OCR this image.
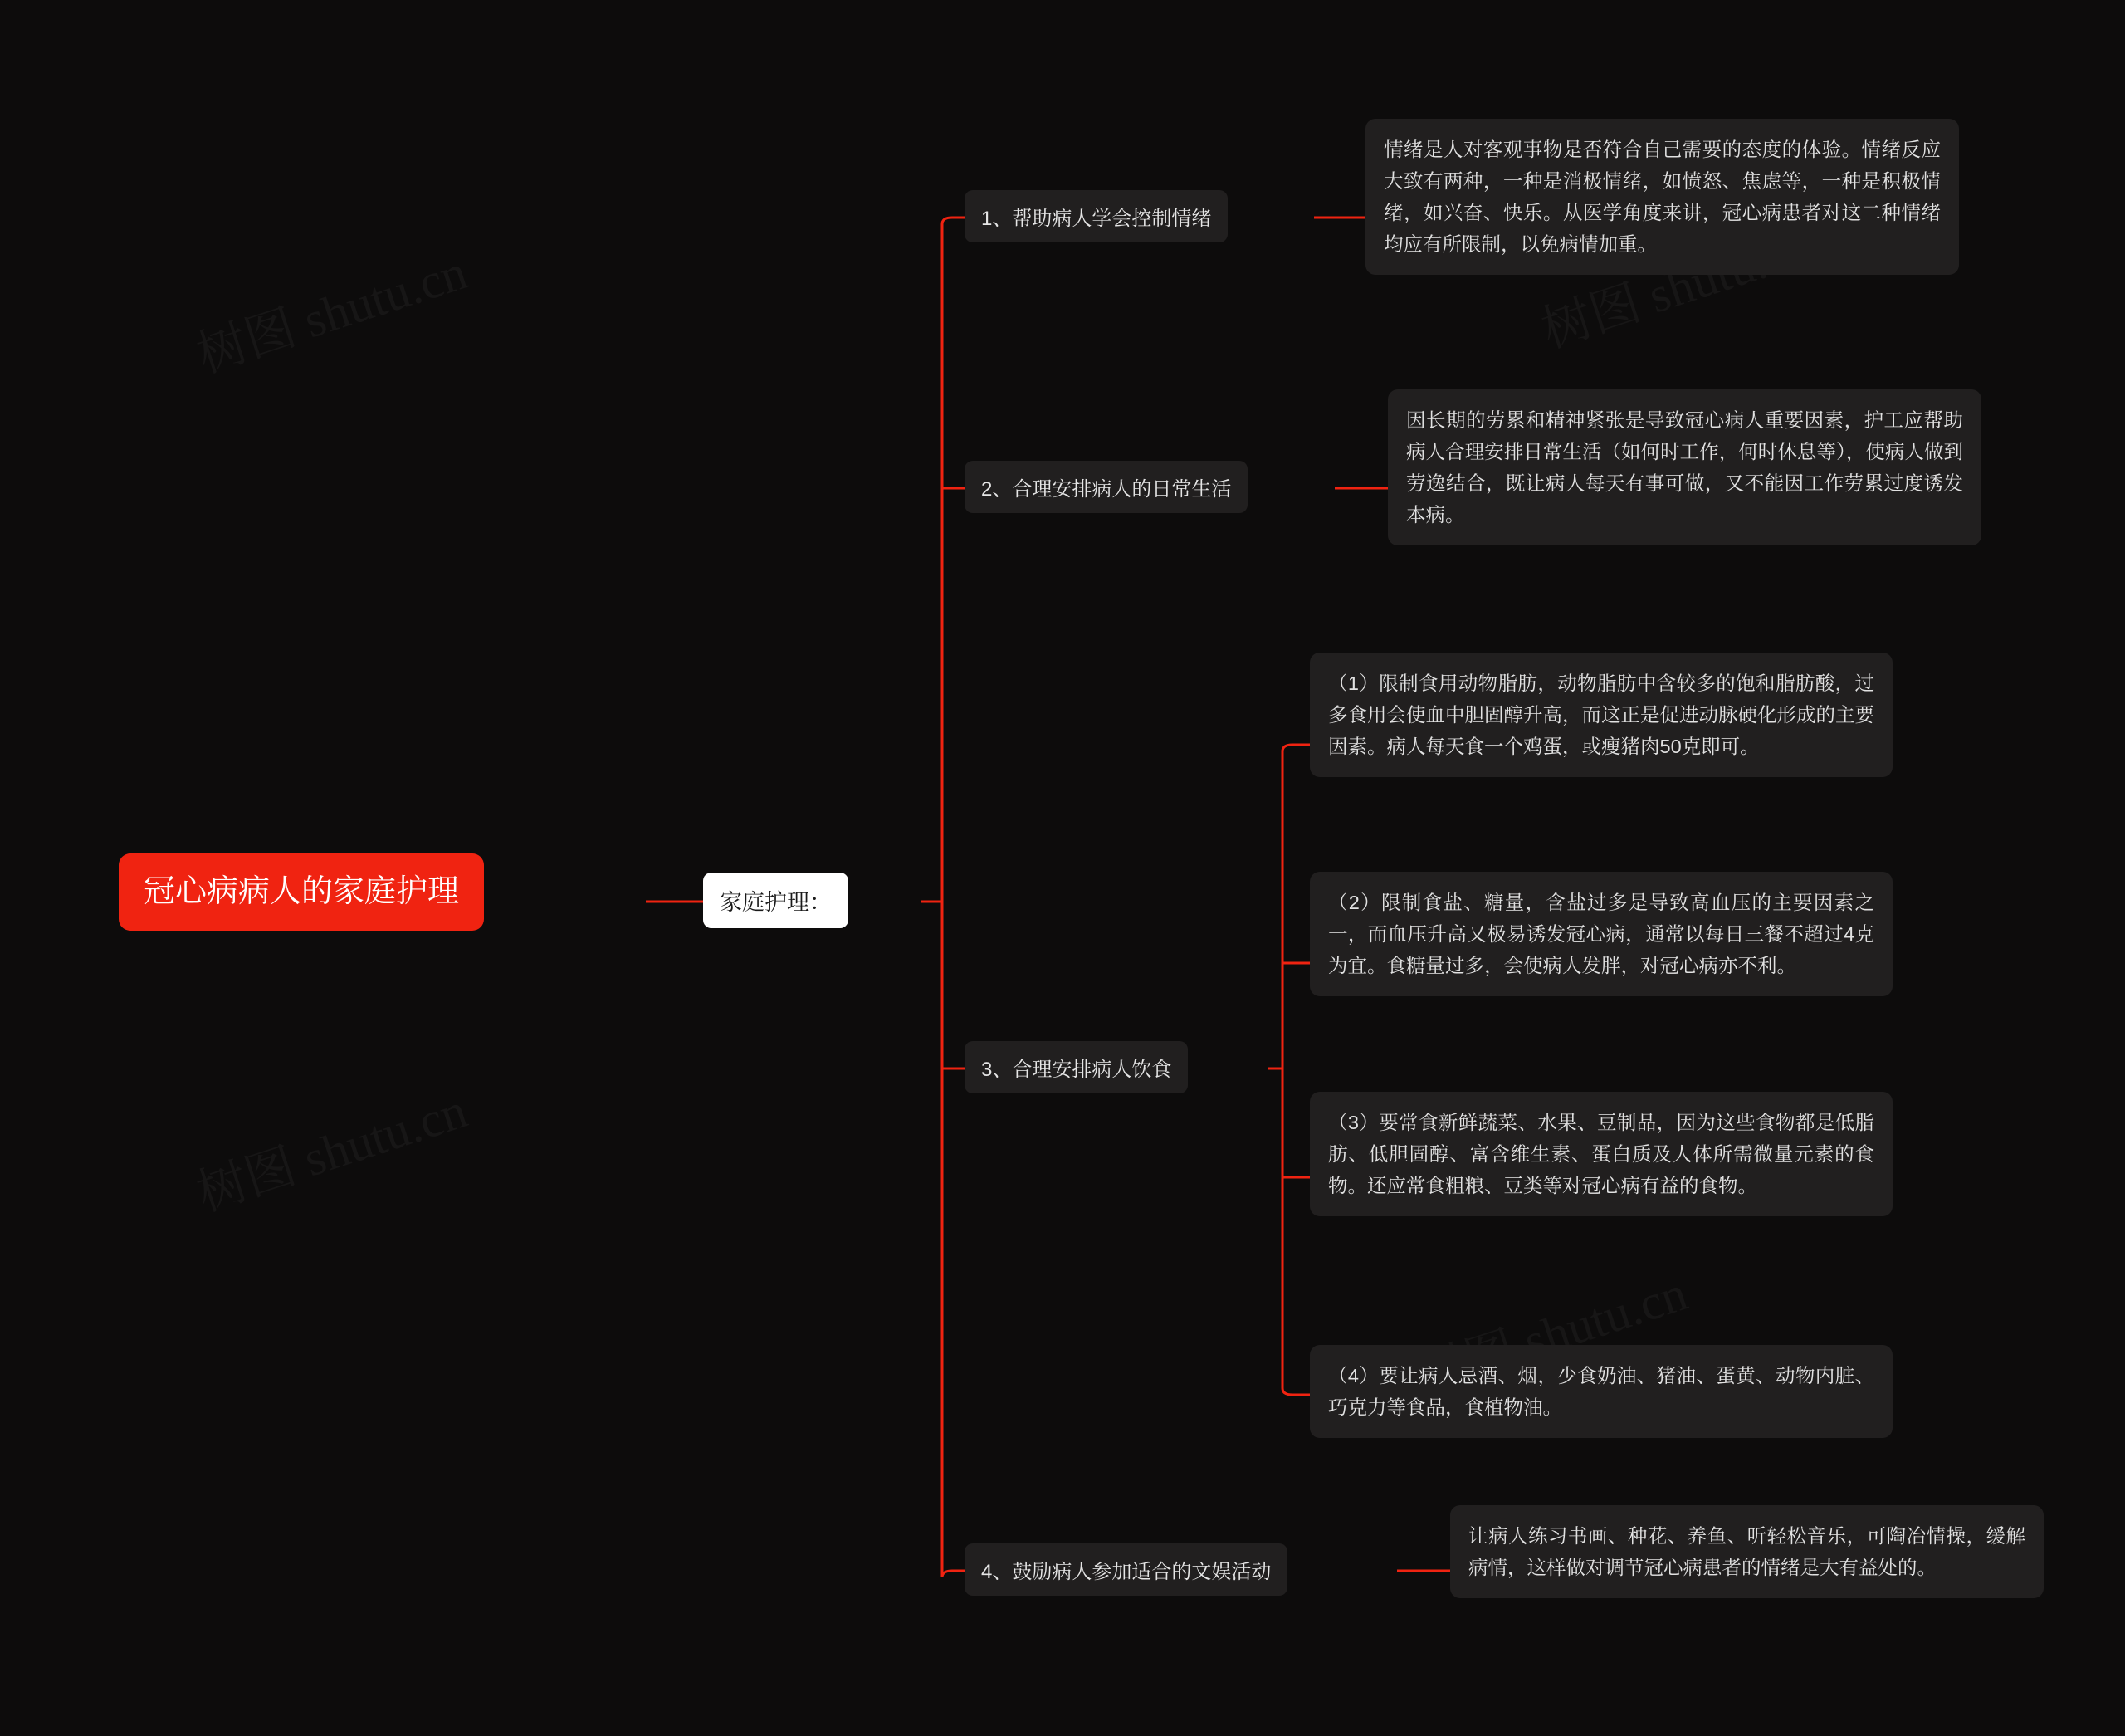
冠心病病人的家庭护理	家庭护理：
1、帮助病人学会控制情绪
情绪是人对客观事物是否符合自己需要的态度的体验。情绪反应大致有两种，一种是消极情绪，如愤怒、焦虑等，一种是积极情绪，如兴奋、快乐。从医学角度来讲，冠心病患者对这二种情绪均应有所限制，以免病情加重。
2、合理安排病人的日常生活
因长期的劳累和精神紧张是导致冠心病人重要因素，护工应帮助病人合理安排日常生活（如何时工作，何时休息等），使病人做到劳逸结合，既让病人每天有事可做，又不能因工作劳累过度诱发本病。
3、合理安排病人饮食
（1）限制食用动物脂肪，动物脂肪中含较多的饱和脂肪酸，过多食用会使血中胆固醇升高，而这正是促进动脉硬化形成的主要因素。病人每天食一个鸡蛋，或瘦猪肉50克即可。
（2）限制食盐、糖量，含盐过多是导致高血压的主要因素之一，而血压升高又极易诱发冠心病，通常以每日三餐不超过4克为宜。食糖量过多，会使病人发胖，对冠心病亦不利。
（3）要常食新鲜蔬菜、水果、豆制品，因为这些食物都是低脂肪、低胆固醇、富含维生素、蛋白质及人体所需微量元素的食物。还应常食粗粮、豆类等对冠心病有益的食物。
（4）要让病人忌酒、烟，少食奶油、猪油、蛋黄、动物内脏、巧克力等食品，食植物油。
4、鼓励病人参加适合的文娱活动
让病人练习书画、种花、养鱼、听轻松音乐，可陶冶情操，缓解病情，这样做对调节冠心病患者的情绪是大有益处的。
